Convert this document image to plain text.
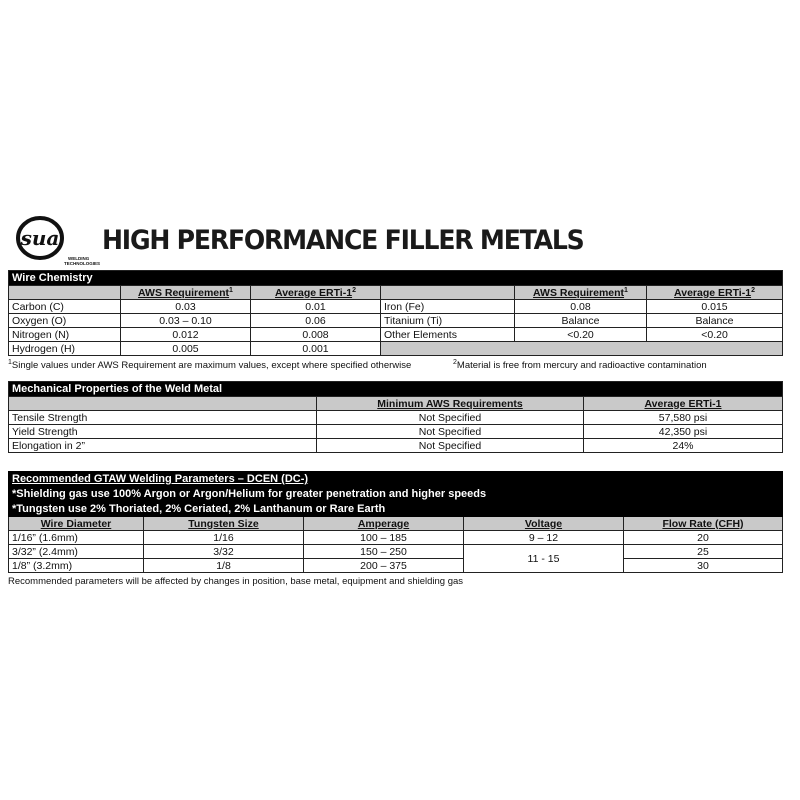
sua
WELDING
TECHNOLOGIES
HIGH PERFORMANCE FILLER METALS
Wire Chemistry					
	AWS Requirement$^1$	Average ERTi-$1^2$		AWS Requirement$^1$	Average ERTi-$1^2$
Carbon (C)	0.03	0.01	Iron (Fe)	0.08	0.015
Oxygen (O)	0.03 – 0.10	0.06	Titanium (Ti)	Balance	Balance
Nitrogen (N)	0.012	0.008	Other Elements	<0.20	<0.20
Hydrogen (H)	0.005	0.001			
$^1$Single values under AWS Requirement are maximum values, except where specified otherwise	$^2$Material is free from mercury and radioactive contamination
Mechanical Properties of the Weld Metal		
	Minimum AWS Requirements	Average ERTi-1
Tensile Strength	Not Specified	57,580 psi
Yield Strength	Not Specified	42,350 psi
Elongation in 2”	Not Specified	24%
Recommended GTAW Welding Parameters – DCEN (DC-)				
*Shielding gas use 100% Argon or Argon/Helium for greater penetration and higher speeds				
*Tungsten use 2% Thoriated, 2% Ceriated, 2% Lanthanum or Rare Earth				
Wire Diameter	Tungsten Size	Amperage	Voltage	Flow Rate (CFH)
1/16” (1.6mm)	1/16	100 – 185	9 – 12	20
3/32” (2.4mm)	3/32	150 – 250	11 - 15	25
1/8” (3.2mm)	1/8	200 – 375		30
Recommended parameters will be affected by changes in position, base metal, equipment and shielding gas
